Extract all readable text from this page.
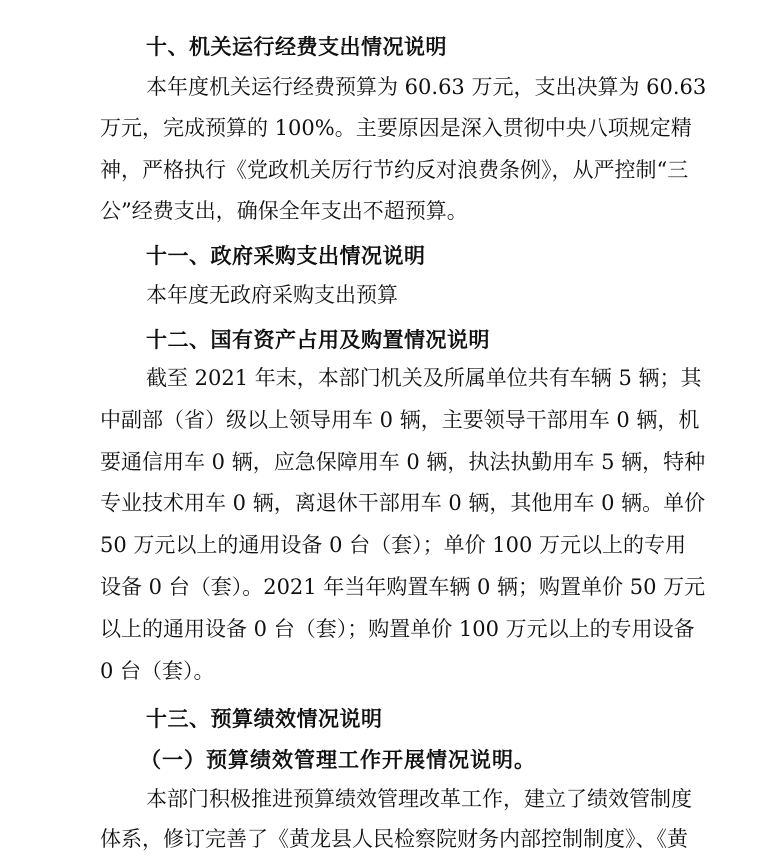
十、机关运行经费支出情况说明
本年度机关运行经费预算为 60.63 万元，支出决算为 60.63
万元，完成预算的 100%。主要原因是深入贯彻中央八项规定精
神，严格执行《党政机关厉行节约反对浪费条例》，从严控制“三
公”经费支出，确保全年支出不超预算。
十一、政府采购支出情况说明
本年度无政府采购支出预算
十二、国有资产占用及购置情况说明
截至 2021 年末，本部门机关及所属单位共有车辆 5 辆；其
中副部（省）级以上领导用车 0 辆，主要领导干部用车 0 辆，机
要通信用车 0 辆，应急保障用车 0 辆，执法执勤用车 5 辆，特种
专业技术用车 0 辆，离退休干部用车 0 辆，其他用车 0 辆。单价
50 万元以上的通用设备 0 台（套）；单价 100 万元以上的专用
设备 0 台（套）。2021 年当年购置车辆 0 辆；购置单价 50 万元
以上的通用设备 0 台（套）；购置单价 100 万元以上的专用设备
0 台（套）。
十三、预算绩效情况说明
（一）预算绩效管理工作开展情况说明。
本部门积极推进预算绩效管理改革工作，建立了绩效管制度
体系，修订完善了《黄龙县人民检察院财务内部控制制度》、《黄
